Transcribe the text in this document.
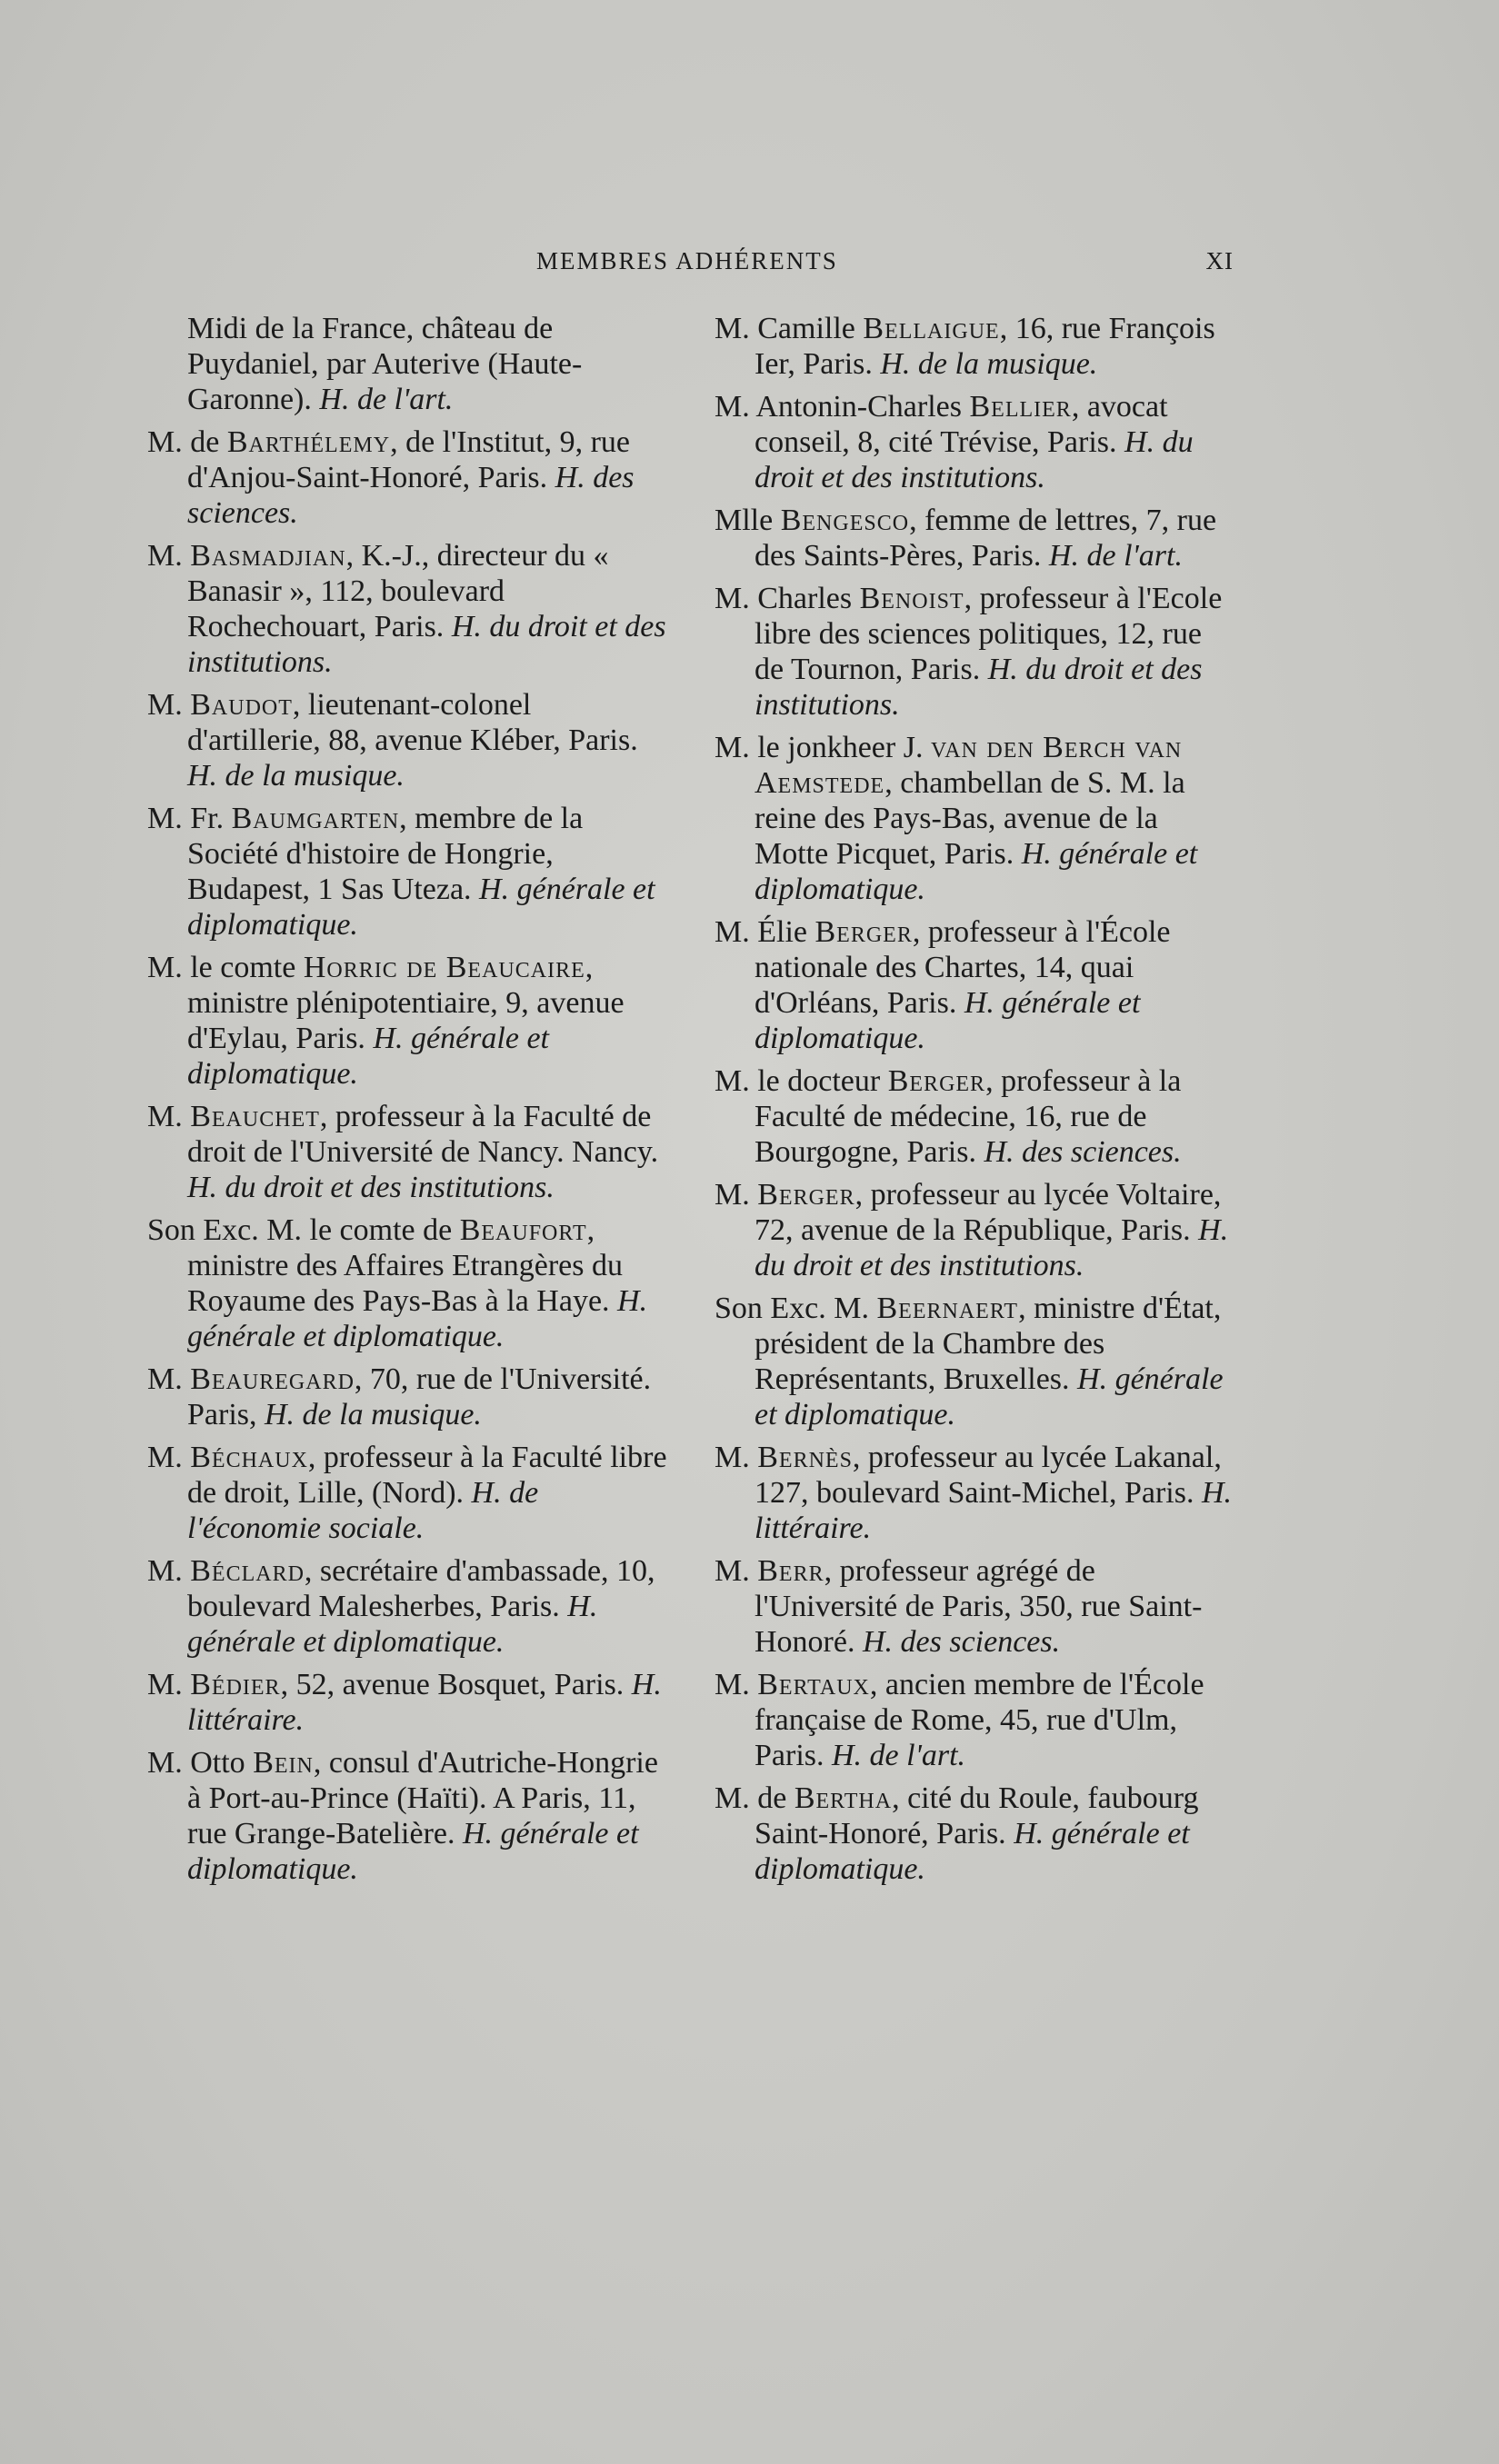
MEMBRES ADHÉRENTS	XI

Midi de la France, château de Puydaniel, par Auterive (Haute-Garonne). H. de l'art.

M. de Barthélemy, de l'Institut, 9, rue d'Anjou-Saint-Honoré, Paris. H. des sciences.

M. Basmadjian, K.-J., directeur du « Banasir », 112, boulevard Rochechouart, Paris. H. du droit et des institutions.

M. Baudot, lieutenant-colonel d'artillerie, 88, avenue Kléber, Paris. H. de la musique.

M. Fr. Baumgarten, membre de la Société d'histoire de Hongrie, Budapest, 1 Sas Uteza. H. générale et diplomatique.

M. le comte Horric de Beaucaire, ministre plénipotentiaire, 9, avenue d'Eylau, Paris. H. générale et diplomatique.

M. Beauchet, professeur à la Faculté de droit de l'Université de Nancy. Nancy. H. du droit et des institutions.

Son Exc. M. le comte de Beaufort, ministre des Affaires Etrangères du Royaume des Pays-Bas à la Haye. H. générale et diplomatique.

M. Beauregard, 70, rue de l'Université. Paris, H. de la musique.

M. Béchaux, professeur à la Faculté libre de droit, Lille, (Nord). H. de l'économie sociale.

M. Béclard, secrétaire d'ambassade, 10, boulevard Malesherbes, Paris. H. générale et diplomatique.

M. Bédier, 52, avenue Bosquet, Paris. H. littéraire.

M. Otto Bein, consul d'Autriche-Hongrie à Port-au-Prince (Haïti). A Paris, 11, rue Grange-Batelière. H. générale et diplomatique.

M. Camille Bellaigue, 16, rue François Ier, Paris. H. de la musique.

M. Antonin-Charles Bellier, avocat conseil, 8, cité Trévise, Paris. H. du droit et des institutions.

Mlle Bengesco, femme de lettres, 7, rue des Saints-Pères, Paris. H. de l'art.

M. Charles Benoist, professeur à l'Ecole libre des sciences politiques, 12, rue de Tournon, Paris. H. du droit et des institutions.

M. le jonkheer J. van den Berch van Aemstede, chambellan de S. M. la reine des Pays-Bas, avenue de la Motte Picquet, Paris. H. générale et diplomatique.

M. Élie Berger, professeur à l'École nationale des Chartes, 14, quai d'Orléans, Paris. H. générale et diplomatique.

M. le docteur Berger, professeur à la Faculté de médecine, 16, rue de Bourgogne, Paris. H. des sciences.

M. Berger, professeur au lycée Voltaire, 72, avenue de la République, Paris. H. du droit et des institutions.

Son Exc. M. Beernaert, ministre d'État, président de la Chambre des Représentants, Bruxelles. H. générale et diplomatique.

M. Bernès, professeur au lycée Lakanal, 127, boulevard Saint-Michel, Paris. H. littéraire.

M. Berr, professeur agrégé de l'Université de Paris, 350, rue Saint-Honoré. H. des sciences.

M. Bertaux, ancien membre de l'École française de Rome, 45, rue d'Ulm, Paris. H. de l'art.

M. de Bertha, cité du Roule, faubourg Saint-Honoré, Paris. H. générale et diplomatique.
